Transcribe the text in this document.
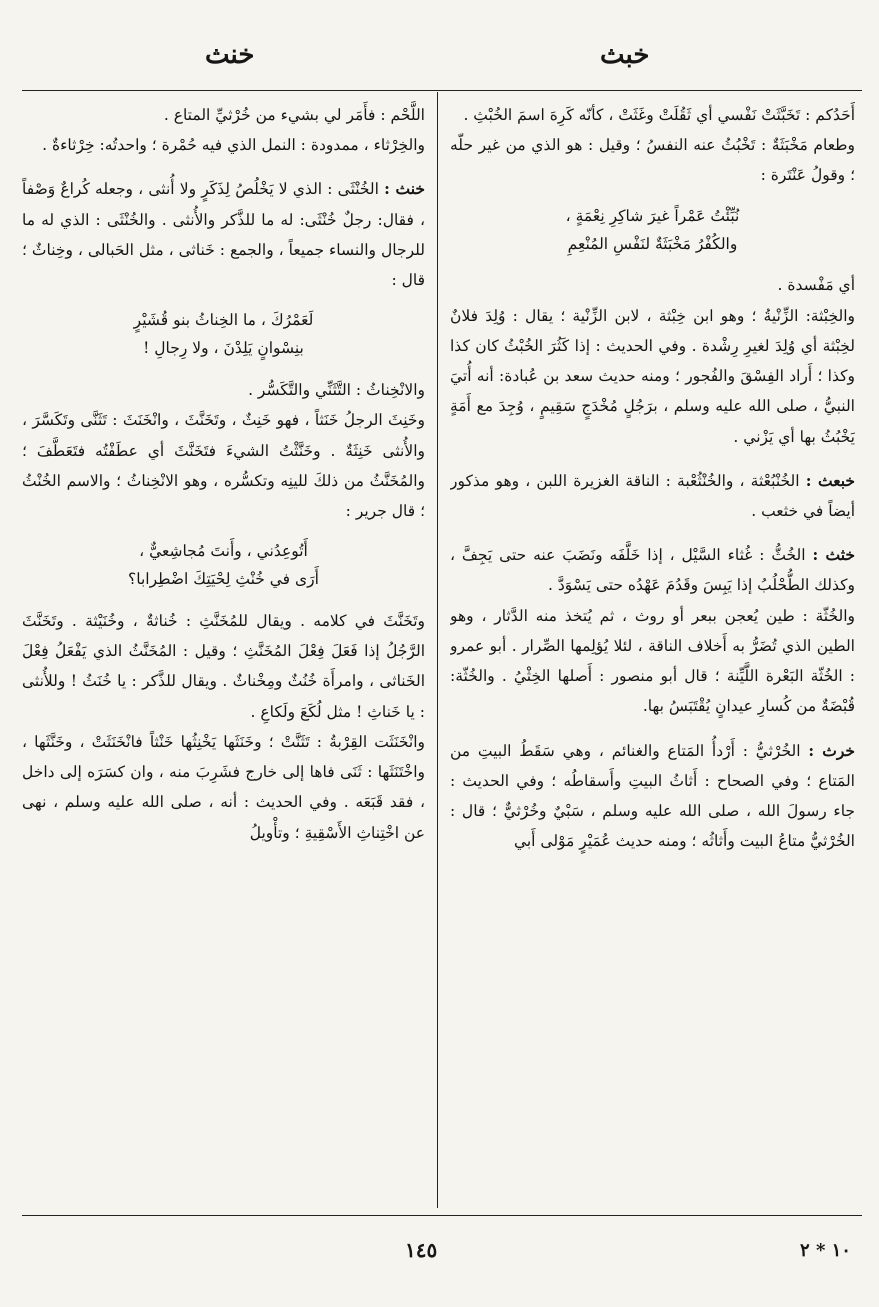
خنث	خبث

أَحَدُكم : تَخَبَّثَتْ نَفْسي أي ثَقُلَتْ وغَثَتْ ، كأنّه كَرِهَ اسمَ الخُبْثِ .

وطعام مَخْبَثَةٌ : تَخْبُثُ عنه النفسُ ؛ وقيل : هو الذي من غير حلّه ؛ وقولُ عَنْتَرة :

نُبِّئْتُ عَمْراً غيرَ شاكِرِ نِعْمَةٍ ،
والكُفْرُ مَخْبَثَةٌ لنَفْسِ المُنْعِمِ

أي مَفْسدة .

والخِبْثة: الزِّنْيةُ ؛ وهو ابن خِبْثة ، لابن الزِّنْية ؛ يقال : وُلِدَ فلانٌ لخِبْثة أي وُلِدَ لغيرِ رِشْدة . وفي الحديث : إذا كَثُرَ الخُبْثُ كان كذا وكذا ؛ أَراد الفِسْقَ والفُجور ؛ ومنه حديث سعد بن عُبادة: أنه أُتيَ النبيُّ ، صلى الله عليه وسلم ، برَجُلٍ مُخْدَجٍ سَقِيمٍ ، وُجِدَ مع أَمَةٍ يَخْبُثُ بها أي يَزْني .

خبعث : الخُنْبُعْثة ، والخُنْثُعْبة : الناقة الغزيرة اللبن ، وهو مذكور أيضاً في خثعب .

خثث : الخُثُّ : غُثاء السَّيْل ، إذا خَلَّفَه ونَضَبَ عنه حتى يَجِفَّ ، وكذلك الطُّحْلُبُ إذا يَبِسَ وقَدُمَ عَهْدُه حتى يَسْوَدَّ .

والخُثّة : طين يُعجن ببعر أو روث ، ثم يُتخذ منه الدَّثار ، وهو الطين الذي تُضَرُّ به أَخلاف الناقة ، لئلا يُؤلِمها الصِّرار . أبو عمرو : الخُثّة البَعْرة اللَّيِّنة ؛ قال أبو منصور : أَصلها الخِثْيُ . والخُثّة: قُبْضَةٌ من كُسارِ عيدانٍ يُقْتَبَسُ بها.

خرث : الخُرْثيُّ : أَرْدأُ المَتاع والغنائم ، وهي سَقَطُ البيتِ من المَتاع ؛ وفي الصحاح : أَثاثُ البيتِ وأَسقاطُه ؛ وفي الحديث : جاء رسولَ الله ، صلى الله عليه وسلم ، سَبْيٌ وخُرْثيٌّ ؛ قال : الخُرْثيُّ متاعُ البيت وأَثاثُه ؛ ومنه حديث عُمَيْرٍ مَوْلى أَبي

اللَّحْم : فأَمَر لي بشيء من خُرْثيِّ المتاع .

والخِرْثاء ، ممدودة : النمل الذي فيه حُمْرة ؛ واحدتُه: خِرْثاءةٌ .

خنث : الخُنْثَى : الذي لا يَخْلُصُ لِذَكَرٍ ولا أُنثى ، وجعله كُراعٌ وَصْفاً ، فقال: رجلٌ خُنْثَى: له ما للذَّكر والأُنثى . والخُنْثَى : الذي له ما للرجال والنساء جميعاً ، والجمع : خَناثى ، مثل الحَبالى ، وخِناثٌ ؛ قال :

لَعَمْرُكَ ، ما الخِناثُ بنو قُشَيْرٍ
بنِسْوانٍ يَلِدْنَ ، ولا رِجالِ !

والانْخِناثُ : التَّثَنِّي والتَّكَسُّر .

وخَنِثَ الرجلُ خَنَثاً ، فهو خَنِثٌ ، وتَخَنَّثَ ، وانْخَنَثَ : تَثَنَّى وتَكَسَّرَ ، والأُنثى خَنِثَةٌ . وخَنَّثْتُ الشيءَ فتَخَنَّثَ أي عطَفْتُه فتَعَطَّفَ ؛ والمُخَنَّثُ من ذلكَ للينِه وتكسُّره ، وهو الانْخِناثُ ؛ والاسم الخُنْثُ ؛ قال جرير :

أَتُوعِدُني ، وأَنتَ مُجاشِعيٌّ ،
أَرَى في خُنْثِ لِحْيَتِكَ اضْطِرابا؟

وتَخَنَّثَ في كلامه . ويقال للمُخَنَّثِ : خُناثةٌ ، وخُنَيْثة . وتَخَنَّثَ الرَّجُلُ إذا فَعَلَ فِعْلَ المُخَنَّثِ ؛ وقيل : المُخَنَّثُ الذي يَفْعَلُ فِعْلَ الخَناثى ، وامرأَة خُنُثٌ ومِخْناثٌ . ويقال للذَّكر : يا خُنَثُ ! وللأُنثى : يا خَناثِ ! مثل لُكَعَ ولَكاعِ .

وانْخَنَثَت القِرْبةُ : تَثَنَّتْ ؛ وخَنَثَها يَخْنِثُها خَنْثاً فانْخَنَثَتْ ، وخَنَّثَها ، واخْتَنَثَها : ثَنَى فاها إلى خارج فشَرِبَ منه ، وان كسَرَه إلى داخل ، فقد قَبَعَه . وفي الحديث : أنه ، صلى الله عليه وسلم ، نهى عن اخْتِناثِ الأَسْقِيةِ ؛ وتأْويلُ

١٤٥	١٠ * ٢
